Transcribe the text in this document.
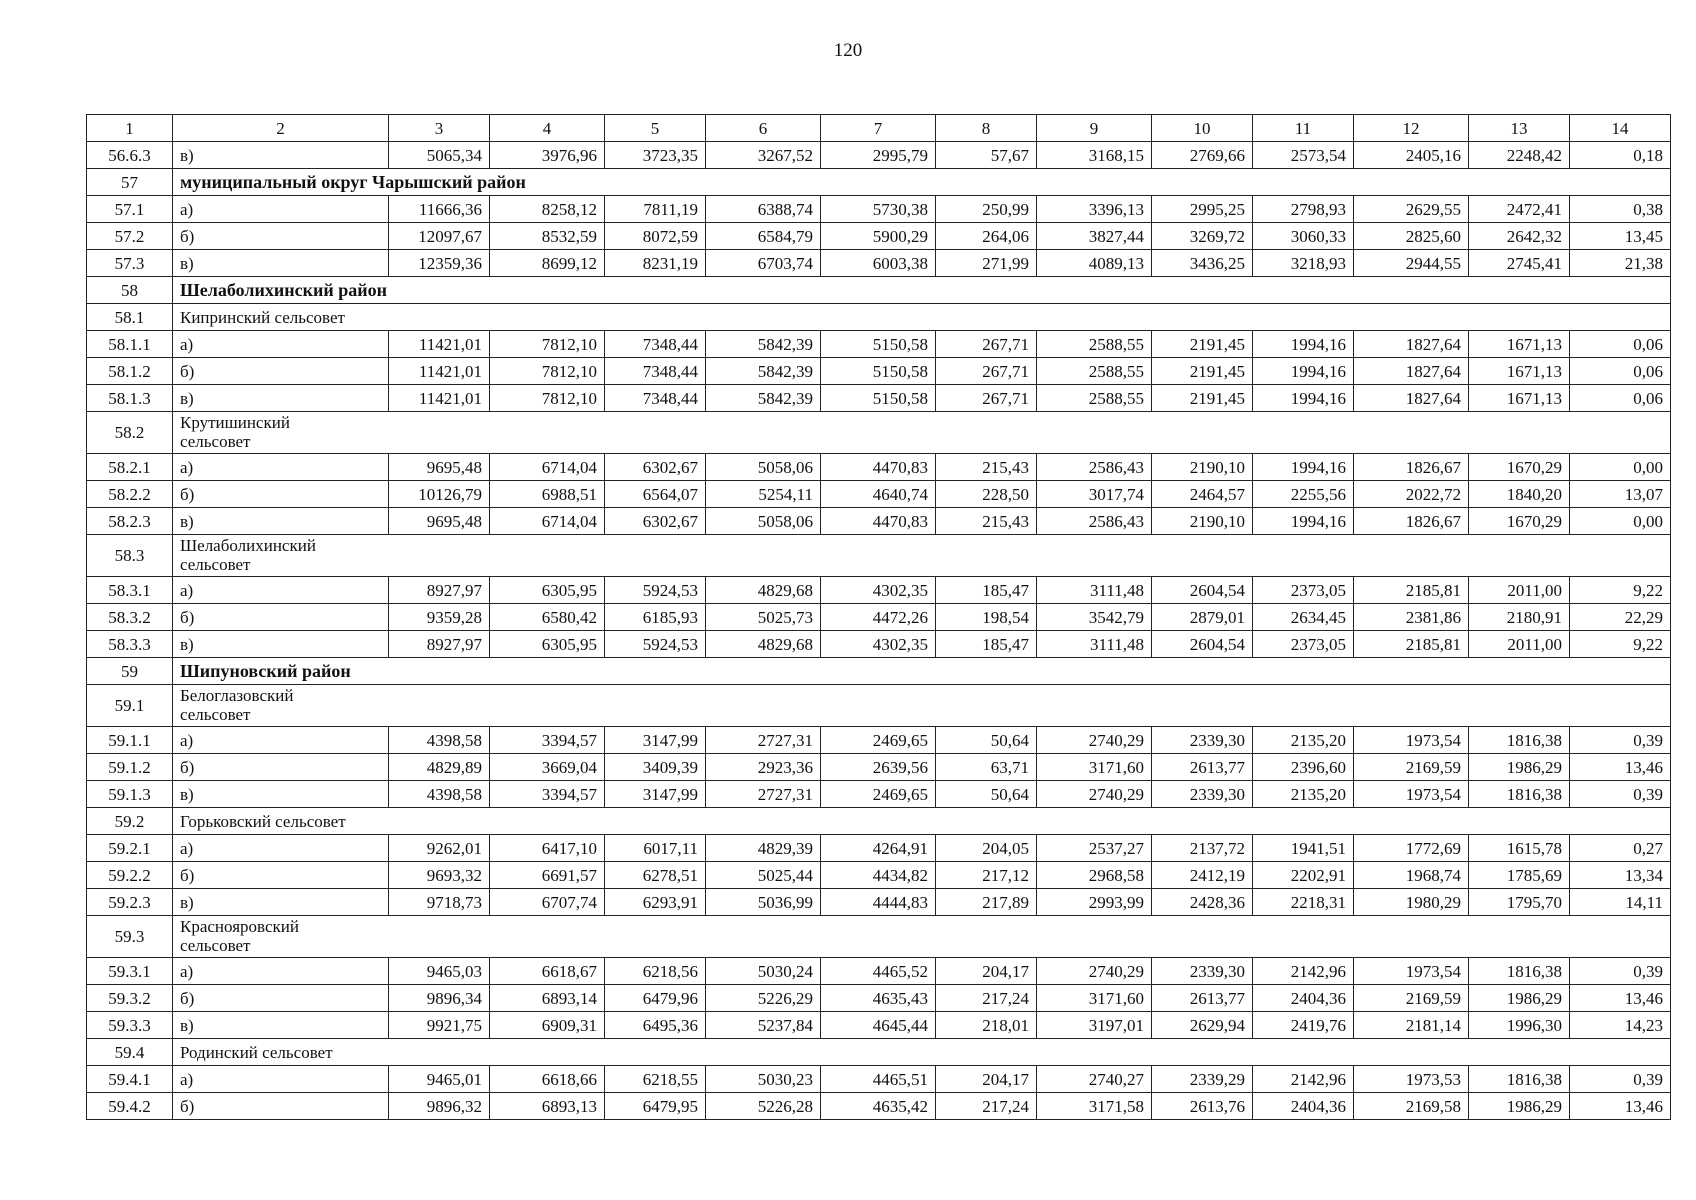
120
1	2	3	4	5	6	7	8	9	10	11	12	13	14
56.6.3	в)	5065,34	3976,96	3723,35	3267,52	2995,79	57,67	3168,15	2769,66	2573,54	2405,16	2248,42	0,18
57	муниципальный округ Чарышский район												

57.1	а)	11666,36	8258,12	7811,19	6388,74	5730,38	250,99	3396,13	2995,25	2798,93	2629,55	2472,41	0,38
57.2	б)	12097,67	8532,59	8072,59	6584,79	5900,29	264,06	3827,44	3269,72	3060,33	2825,60	2642,32	13,45
57.3	в)	12359,36	8699,12	8231,19	6703,74	6003,38	271,99	4089,13	3436,25	3218,93	2944,55	2745,41	21,38
58	Шелаболихинский район												

58.1	Кипринский сельсовет												

58.1.1	а)	11421,01	7812,10	7348,44	5842,39	5150,58	267,71	2588,55	2191,45	1994,16	1827,64	1671,13	0,06
58.1.2	б)	11421,01	7812,10	7348,44	5842,39	5150,58	267,71	2588,55	2191,45	1994,16	1827,64	1671,13	0,06
58.1.3	в)	11421,01	7812,10	7348,44	5842,39	5150,58	267,71	2588,55	2191,45	1994,16	1827,64	1671,13	0,06
58.2	Крутишинский сельсовет												

58.2.1	а)	9695,48	6714,04	6302,67	5058,06	4470,83	215,43	2586,43	2190,10	1994,16	1826,67	1670,29	0,00
58.2.2	б)	10126,79	6988,51	6564,07	5254,11	4640,74	228,50	3017,74	2464,57	2255,56	2022,72	1840,20	13,07
58.2.3	в)	9695,48	6714,04	6302,67	5058,06	4470,83	215,43	2586,43	2190,10	1994,16	1826,67	1670,29	0,00
58.3	Шелаболихинский сельсовет												

58.3.1	а)	8927,97	6305,95	5924,53	4829,68	4302,35	185,47	3111,48	2604,54	2373,05	2185,81	2011,00	9,22
58.3.2	б)	9359,28	6580,42	6185,93	5025,73	4472,26	198,54	3542,79	2879,01	2634,45	2381,86	2180,91	22,29
58.3.3	в)	8927,97	6305,95	5924,53	4829,68	4302,35	185,47	3111,48	2604,54	2373,05	2185,81	2011,00	9,22
59	Шипуновский район												

59.1	Белоглазовский сельсовет												

59.1.1	а)	4398,58	3394,57	3147,99	2727,31	2469,65	50,64	2740,29	2339,30	2135,20	1973,54	1816,38	0,39
59.1.2	б)	4829,89	3669,04	3409,39	2923,36	2639,56	63,71	3171,60	2613,77	2396,60	2169,59	1986,29	13,46
59.1.3	в)	4398,58	3394,57	3147,99	2727,31	2469,65	50,64	2740,29	2339,30	2135,20	1973,54	1816,38	0,39
59.2	Горьковский сельсовет												

59.2.1	а)	9262,01	6417,10	6017,11	4829,39	4264,91	204,05	2537,27	2137,72	1941,51	1772,69	1615,78	0,27
59.2.2	б)	9693,32	6691,57	6278,51	5025,44	4434,82	217,12	2968,58	2412,19	2202,91	1968,74	1785,69	13,34
59.2.3	в)	9718,73	6707,74	6293,91	5036,99	4444,83	217,89	2993,99	2428,36	2218,31	1980,29	1795,70	14,11
59.3	Краснояровский сельсовет												

59.3.1	а)	9465,03	6618,67	6218,56	5030,24	4465,52	204,17	2740,29	2339,30	2142,96	1973,54	1816,38	0,39
59.3.2	б)	9896,34	6893,14	6479,96	5226,29	4635,43	217,24	3171,60	2613,77	2404,36	2169,59	1986,29	13,46
59.3.3	в)	9921,75	6909,31	6495,36	5237,84	4645,44	218,01	3197,01	2629,94	2419,76	2181,14	1996,30	14,23
59.4	Родинский сельсовет												

59.4.1	а)	9465,01	6618,66	6218,55	5030,23	4465,51	204,17	2740,27	2339,29	2142,96	1973,53	1816,38	0,39
59.4.2	б)	9896,32	6893,13	6479,95	5226,28	4635,42	217,24	3171,58	2613,76	2404,36	2169,58	1986,29	13,46
